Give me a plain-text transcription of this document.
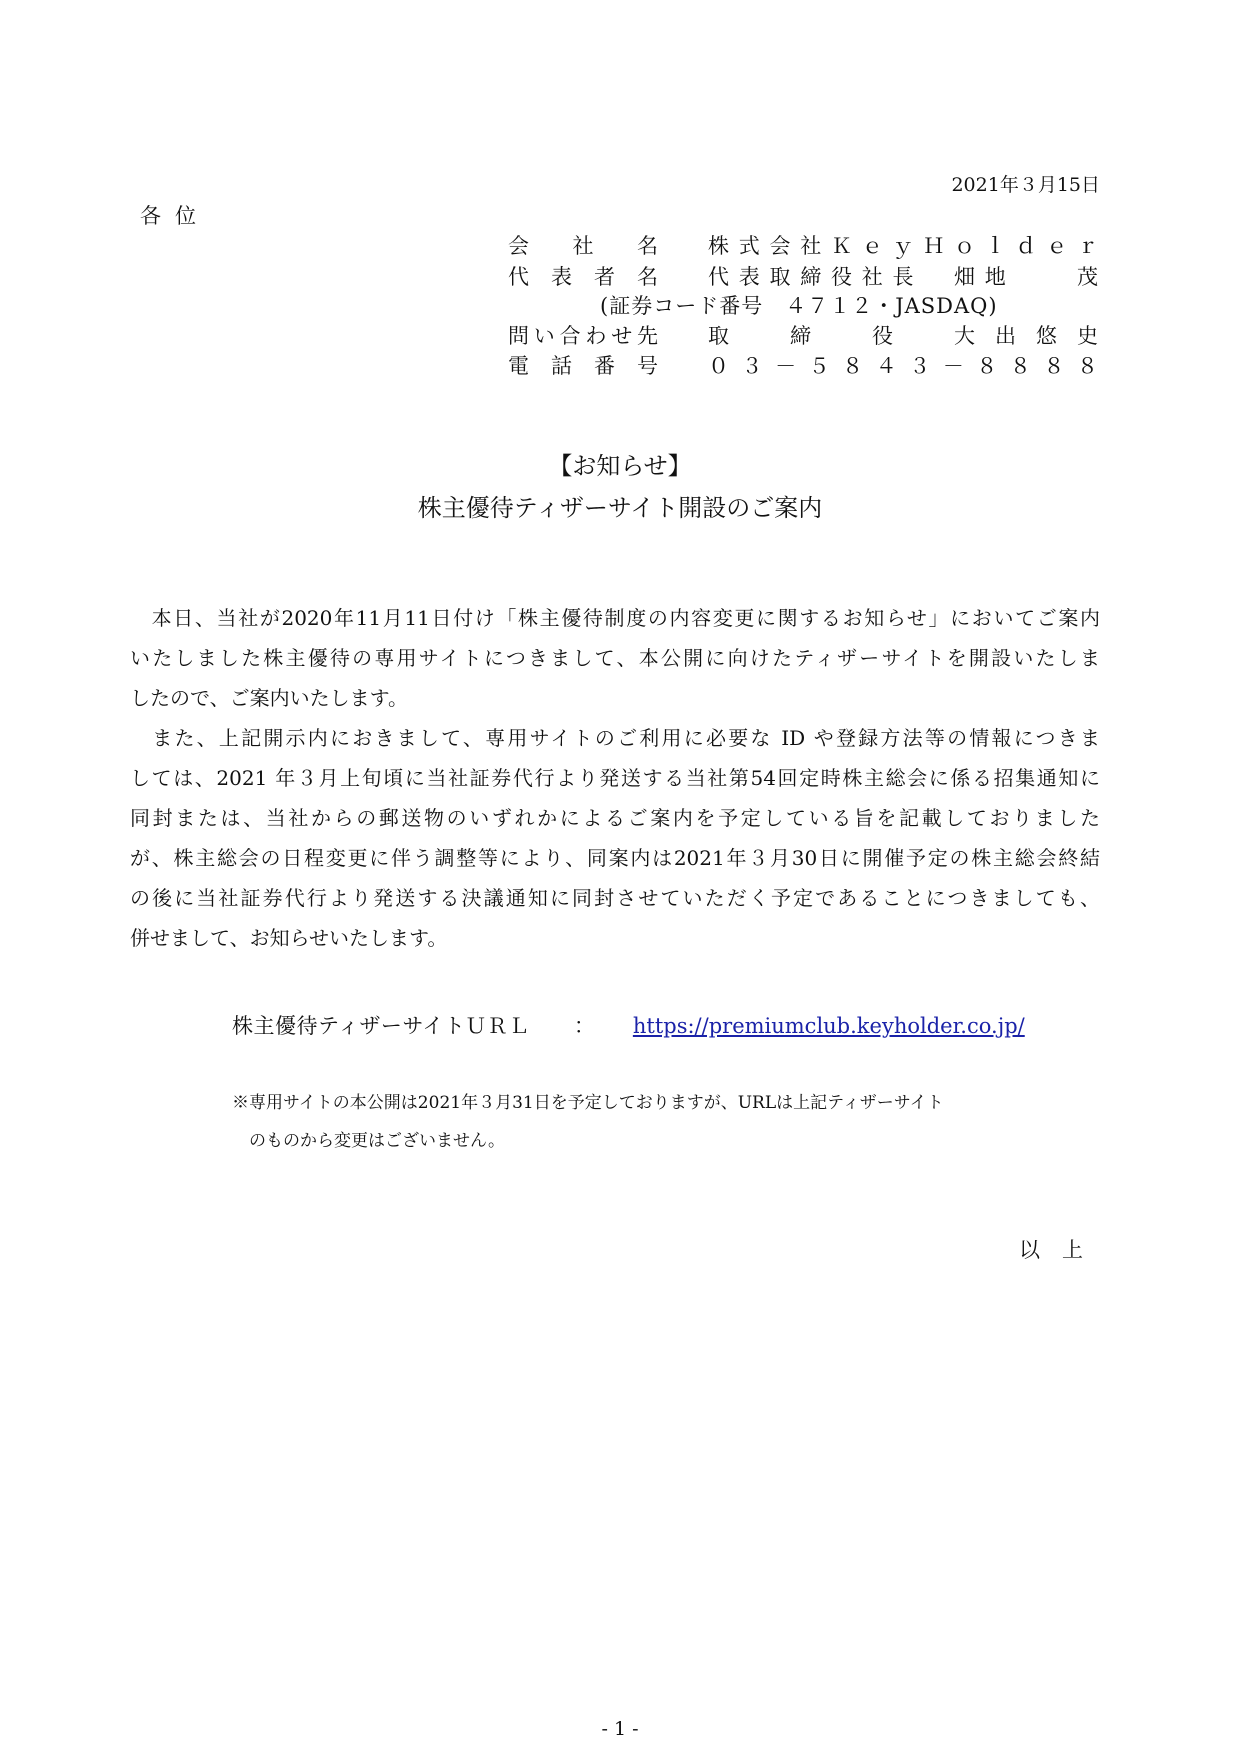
2021年３月15日
各位
会社名 株式会社ＫｅｙＨｏｌｄｅｒ
代表者名 代表取締役社長　畑地　　茂
(証券コード番号　４７１２・JASDAQ)
問い合わせ先 取　締　役　大出悠史
電話番号 ０３－５８４３－８８８８
【お知らせ】
株主優待ティザーサイト開設のご案内

　本日、当社が2020年11月11日付け「株主優待制度の内容変更に関するお知らせ」においてご案内
いたしました株主優待の専用サイトにつきまして、本公開に向けたティザーサイトを開設いたしま
したので、ご案内いたします。

　また、上記開示内におきまして、専用サイトのご利用に必要な ID や登録方法等の情報につきま
しては、2021 年３月上旬頃に当社証券代行より発送する当社第54回定時株主総会に係る招集通知に
同封または、当社からの郵送物のいずれかによるご案内を予定している旨を記載しておりました
が、株主総会の日程変更に伴う調整等により、同案内は2021年３月30日に開催予定の株主総会終結
の後に当社証券代行より発送する決議通知に同封させていただく予定であることにつきましても、
併せまして、お知らせいたします。

株主優待ティザーサイトＵＲＬ ： https://premiumclub.keyholder.co.jp/
※専用サイトの本公開は2021年３月31日を予定しておりますが、URLは上記ティザーサイト
　のものから変更はございません。
以上
- 1 -
